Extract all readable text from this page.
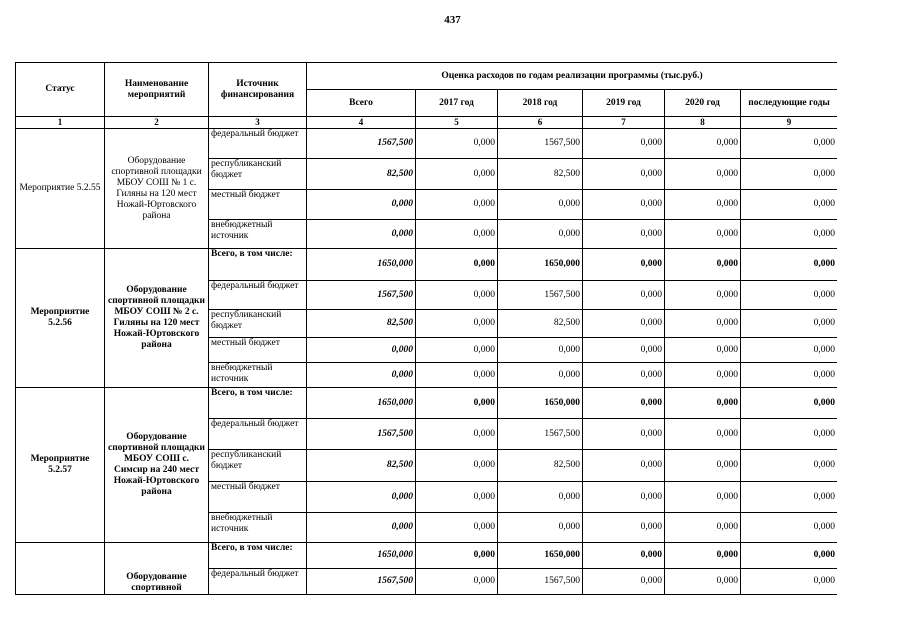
437
Статус	Наименование мероприятий	Источник финансирования	Оценка расходов по годам реализации программы (тыс.руб.)					
			Всего	2017 год	2018 год	2019 год	2020 год	последующие годы
1	2	3	4	5	6	7	8	9
Мероприятие 5.2.55	Оборудование спортивной площадки МБОУ СОШ № 1 с. Гиляны на 120 мест Ножай-Юртовского района	федеральный бюджет	1567,500	0,000	1567,500	0,000	0,000	0,000
		республиканский бюджет	82,500	0,000	82,500	0,000	0,000	0,000
		местный бюджет	0,000	0,000	0,000	0,000	0,000	0,000
		внебюджетный источник	0,000	0,000	0,000	0,000	0,000	0,000
Мероприятие 5.2.56	Оборудование спортивной площадки МБОУ СОШ № 2 с. Гиляны на 120 мест Ножай-Юртовского района	Всего, в том числе:	1650,000	0,000	1650,000	0,000	0,000	0,000
		федеральный бюджет	1567,500	0,000	1567,500	0,000	0,000	0,000
		республиканский бюджет	82,500	0,000	82,500	0,000	0,000	0,000
		местный бюджет	0,000	0,000	0,000	0,000	0,000	0,000
		внебюджетный источник	0,000	0,000	0,000	0,000	0,000	0,000
Мероприятие 5.2.57	Оборудование спортивной площадки МБОУ СОШ с. Симсир на 240 мест Ножай-Юртовского района	Всего, в том числе:	1650,000	0,000	1650,000	0,000	0,000	0,000
		федеральный бюджет	1567,500	0,000	1567,500	0,000	0,000	0,000
		республиканский бюджет	82,500	0,000	82,500	0,000	0,000	0,000
		местный бюджет	0,000	0,000	0,000	0,000	0,000	0,000
		внебюджетный источник	0,000	0,000	0,000	0,000	0,000	0,000
	Оборудование спортивной	Всего, в том числе:	1650,000	0,000	1650,000	0,000	0,000	0,000
		федеральный бюджет	1567,500	0,000	1567,500	0,000	0,000	0,000
